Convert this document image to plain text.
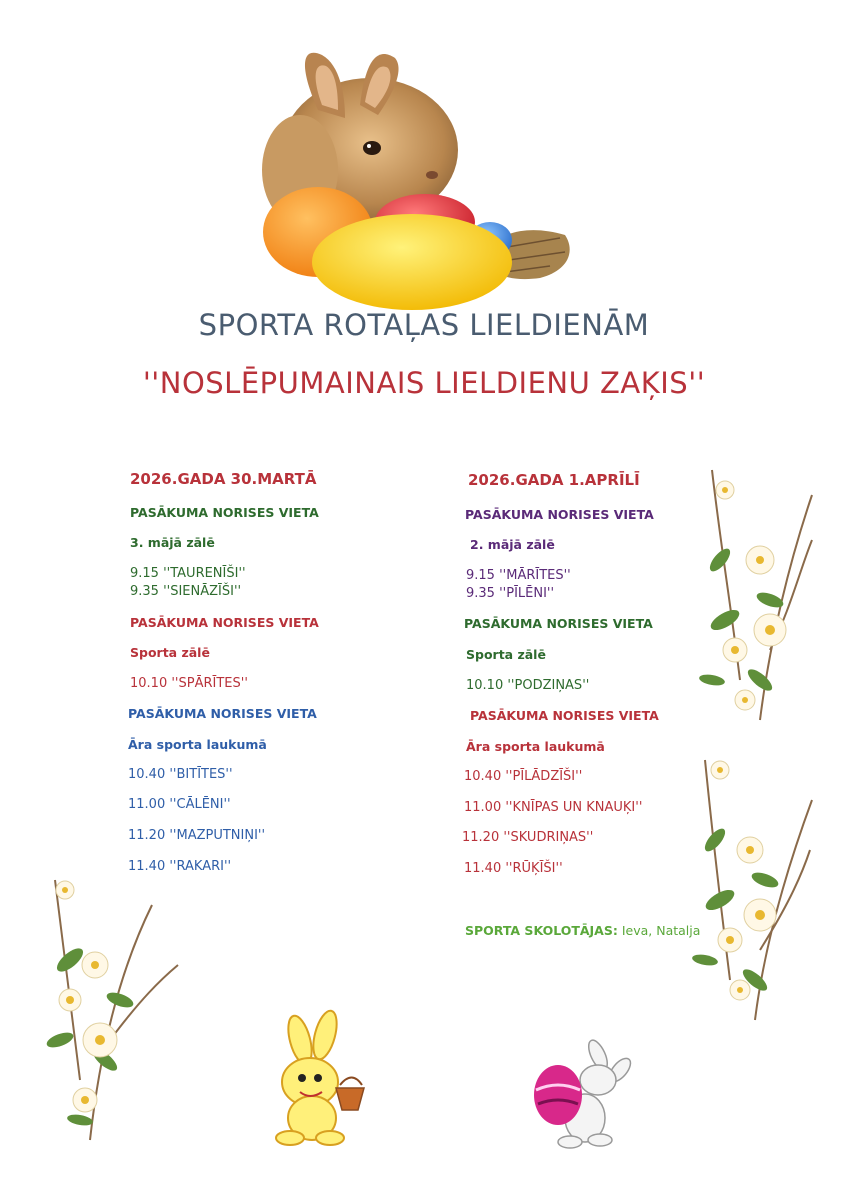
SPORTA ROTAĻAS LIELDIENĀM
''NOSLĒPUMAINAIS LIELDIENU ZAĶIS''
2026.GADA 30.MARTĀ
PASĀKUMA NORISES VIETA
3. mājā zālē
9.15 ''TAURENĪŠI''
9.35 ''SIENĀZĪŠI''
PASĀKUMA NORISES VIETA
Sporta zālē
10.10 ''SPĀRĪTES''
PASĀKUMA NORISES VIETA
Āra sporta laukumā
10.40 ''BITĪTES''
11.00 ''CĀLĒNI''
11.20 ''MAZPUTNIŅI''
11.40 ''RAKARI''
2026.GADA 1.APRĪLĪ
PASĀKUMA NORISES VIETA
2. mājā zālē
9.15 ''MĀRĪTES''
9.35 ''PĪLĒNI''
PASĀKUMA NORISES VIETA
Sporta zālē
10.10 ''PODZIŅAS''
PASĀKUMA NORISES VIETA
Āra sporta laukumā
10.40 ''PĪLĀDZĪŠI''
11.00 ''KNĪPAS UN KNAUĶI''
11.20 ''SKUDRIŅAS''
11.40 ''RŪĶĪŠI''
SPORTA SKOLOTĀJAS: Ieva, Natalja
